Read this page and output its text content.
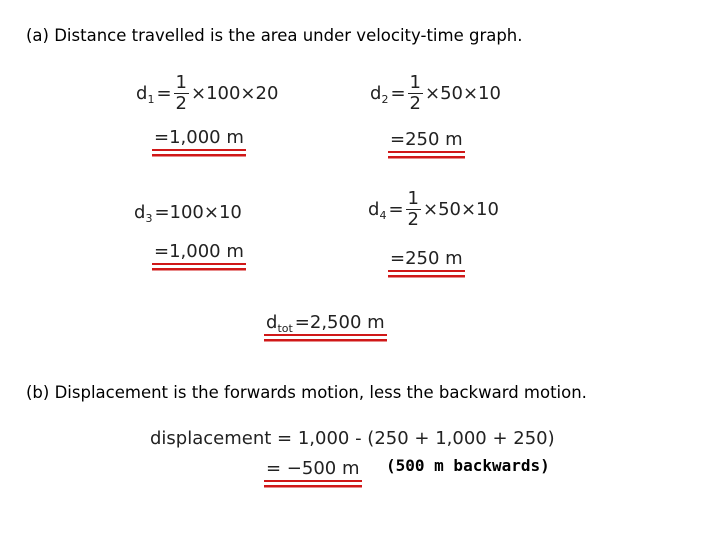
(a) Distance travelled is the area under velocity-time graph.
d $1 = \frac{1}{2} \times 100\times 20$
=1,000 m
d $2 = \frac{1}{2} \times 50\times 10$
=250 m
d 3 =100×10
=1,000 m
d $4 = \frac{1}{2} \times 50\times 10$
=250 m
d tot =2,500 m
(b) Displacement is the forwards motion, less the backward motion.
displacement = 1,000 - (250 + 1,000 + 250)
= −500 m (500 m backwards)
